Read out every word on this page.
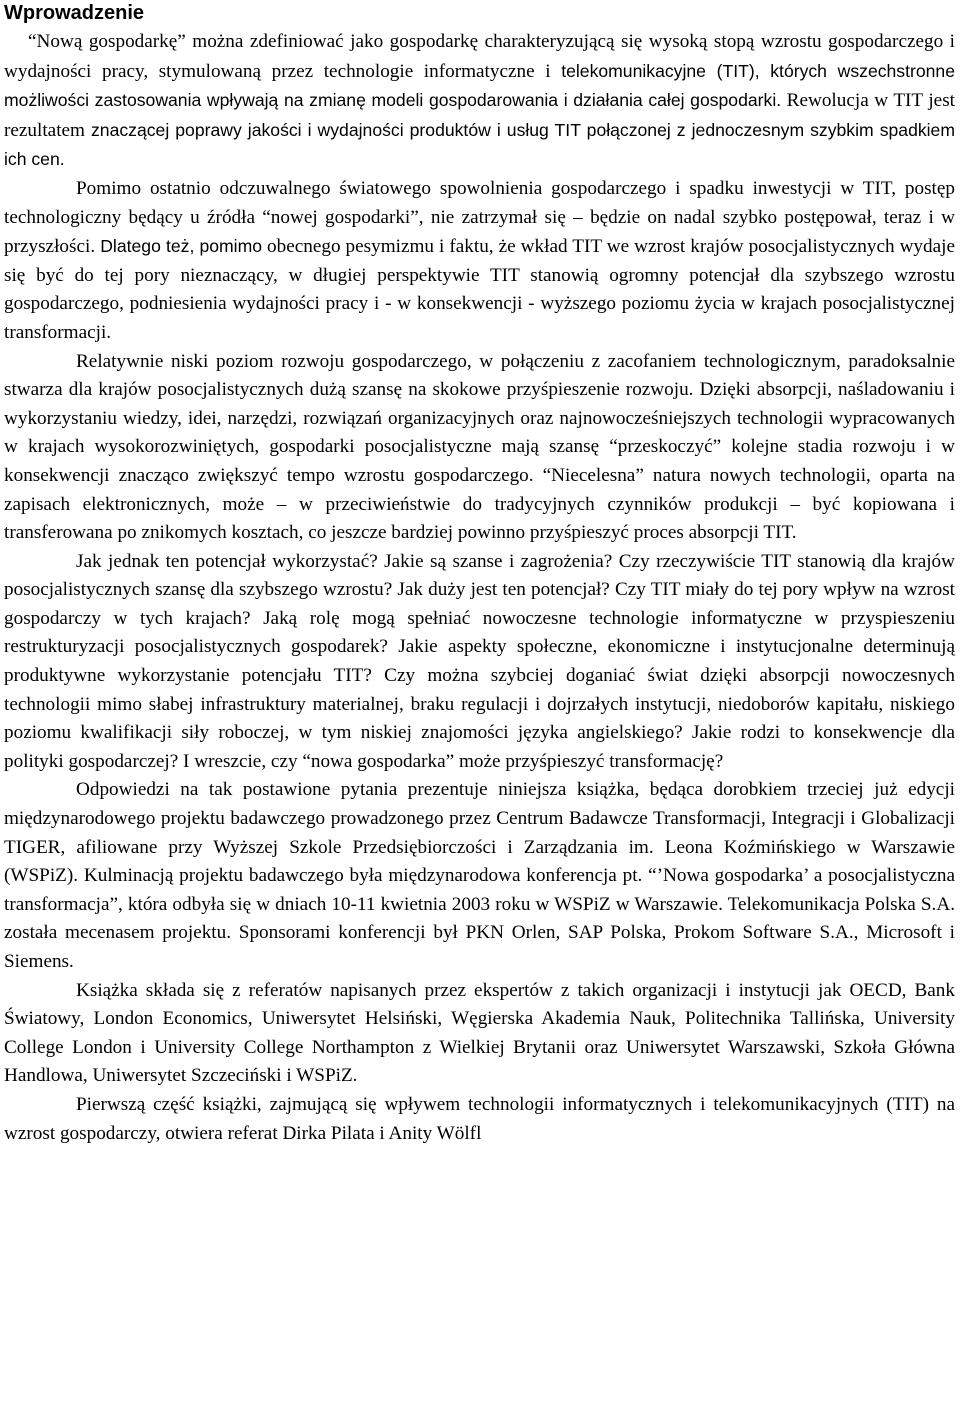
Wprowadzenie

“Nową gospodarkę” można zdefiniować jako gospodarkę charakteryzującą się wysoką stopą wzrostu gospodarczego i wydajności pracy, stymulowaną przez technologie informatyczne i telekomunikacyjne (TIT), których wszechstronne możliwości zastosowania wpływają na zmianę modeli gospodarowania i działania całej gospodarki. Rewolucja w TIT jest rezultatem znaczącej poprawy jakości i wydajności produktów i usług TIT połączonej z jednoczesnym szybkim spadkiem ich cen.

Pomimo ostatnio odczuwalnego światowego spowolnienia gospodarczego i spadku inwestycji w TIT, postęp technologiczny będący u źródła “nowej gospodarki”, nie zatrzymał się – będzie on nadal szybko postępował, teraz i w przyszłości. Dlatego też, pomimo obecnego pesymizmu i faktu, że wkład TIT we wzrost krajów posocjalistycznych wydaje się być do tej pory nieznaczący, w długiej perspektywie TIT stanowią ogromny potencjał dla szybszego wzrostu gospodarczego, podniesienia wydajności pracy i - w konsekwencji - wyższego poziomu życia w krajach posocjalistycznej transformacji.

Relatywnie niski poziom rozwoju gospodarczego, w połączeniu z zacofaniem technologicznym, paradoksalnie stwarza dla krajów posocjalistycznych dużą szansę na skokowe przyśpieszenie rozwoju. Dzięki absorpcji, naśladowaniu i wykorzystaniu wiedzy, idei, narzędzi, rozwiązań organizacyjnych oraz najnowocześniejszych technologii wypracowanych w krajach wysokorozwiniętych, gospodarki posocjalistyczne mają szansę “przeskoczyć” kolejne stadia rozwoju i w konsekwencji znacząco zwiększyć tempo wzrostu gospodarczego. “Niecelesna” natura nowych technologii, oparta na zapisach elektronicznych, może – w przeciwieństwie do tradycyjnych czynników produkcji – być kopiowana i transferowana po znikomych kosztach, co jeszcze bardziej powinno przyśpieszyć proces absorpcji TIT.

Jak jednak ten potencjał wykorzystać? Jakie są szanse i zagrożenia? Czy rzeczywiście TIT stanowią dla krajów posocjalistycznych szansę dla szybszego wzrostu? Jak duży jest ten potencjał? Czy TIT miały do tej pory wpływ na wzrost gospodarczy w tych krajach? Jaką rolę mogą spełniać nowoczesne technologie informatyczne w przyspieszeniu restrukturyzacji posocjalistycznych gospodarek? Jakie aspekty społeczne, ekonomiczne i instytucjonalne determinują produktywne wykorzystanie potencjału TIT? Czy można szybciej doganiać świat dzięki absorpcji nowoczesnych technologii mimo słabej infrastruktury materialnej, braku regulacji i dojrzałych instytucji, niedoborów kapitału, niskiego poziomu kwalifikacji siły roboczej, w tym niskiej znajomości języka angielskiego? Jakie rodzi to konsekwencje dla polityki gospodarczej? I wreszcie, czy “nowa gospodarka” może przyśpieszyć transformację?

Odpowiedzi na tak postawione pytania prezentuje niniejsza książka, będąca dorobkiem trzeciej już edycji międzynarodowego projektu badawczego prowadzonego przez Centrum Badawcze Transformacji, Integracji i Globalizacji TIGER, afiliowane przy Wyższej Szkole Przedsiębiorczości i Zarządzania im. Leona Koźmińskiego w Warszawie (WSPiZ). Kulminacją projektu badawczego była międzynarodowa konferencja pt. “’Nowa gospodarka’ a posocjalistyczna transformacja”, która odbyła się w dniach 10-11 kwietnia 2003 roku w WSPiZ w Warszawie. Telekomunikacja Polska S.A. została mecenasem projektu. Sponsorami konferencji był PKN Orlen, SAP Polska, Prokom Software S.A., Microsoft i Siemens.

Książka składa się z referatów napisanych przez ekspertów z takich organizacji i instytucji jak OECD, Bank Światowy, London Economics, Uniwersytet Helsiński, Węgierska Akademia Nauk, Politechnika Tallińska, University College London i University College Northampton z Wielkiej Brytanii oraz Uniwersytet Warszawski, Szkoła Główna Handlowa, Uniwersytet Szczeciński i WSPiZ.

Pierwszą część książki, zajmującą się wpływem technologii informatycznych i telekomunikacyjnych (TIT) na wzrost gospodarczy, otwiera referat Dirka Pilata i Anity Wölfl
